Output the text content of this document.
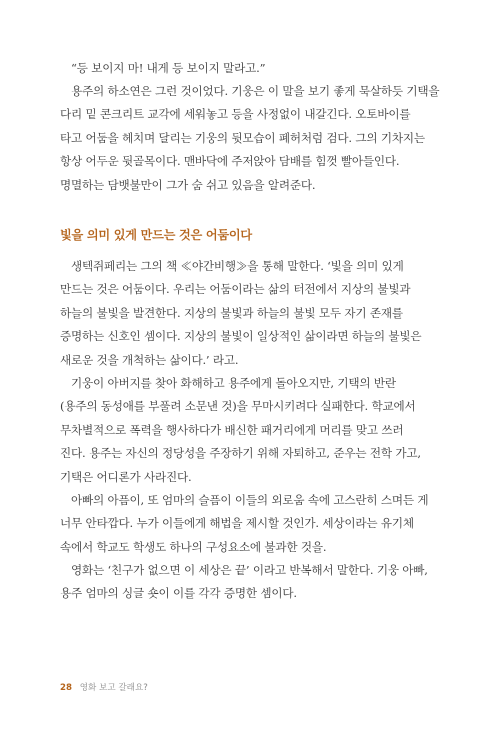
“등 보이지 마! 내게 등 보이지 말라고.”

용주의 하소연은 그런 것이었다. 기웅은 이 말을 보기 좋게 묵살하듯 기택을
다리 밑 콘크리트 교각에 세워놓고 등을 사정없이 내갈긴다. 오토바이를
타고 어둠을 헤치며 달리는 기웅의 뒷모습이 폐허처럼 검다. 그의 기차지는
항상 어두운 뒷골목이다. 맨바닥에 주저앉아 담배를 힘껏 빨아들인다.
명멸하는 담뱃불만이 그가 숨 쉬고 있음을 알려준다.

빛을 의미 있게 만드는 것은 어둠이다

생텍쥐페리는 그의 책 ≪야간비행≫을 통해 말한다. ‘빛을 의미 있게
만드는 것은 어둠이다. 우리는 어둠이라는 삶의 터전에서 지상의 불빛과
하늘의 불빛을 발견한다. 지상의 불빛과 하늘의 불빛 모두 자기 존재를
증명하는 신호인 셈이다. 지상의 불빛이 일상적인 삶이라면 하늘의 불빛은
새로운 것을 개척하는 삶이다.’ 라고.

기웅이 아버지를 찾아 화해하고 용주에게 돌아오지만, 기택의 반란
(용주의 동성애를 부풀려 소문낸 것)을 무마시키려다 실패한다. 학교에서
무차별적으로 폭력을 행사하다가 배신한 패거리에게 머리를 맞고 쓰러
진다. 용주는 자신의 정당성을 주장하기 위해 자퇴하고, 준우는 전학 가고,
기택은 어디론가 사라진다.

아빠의 아픔이, 또 엄마의 슬픔이 이들의 외로움 속에 고스란히 스며든 게
너무 안타깝다. 누가 이들에게 해법을 제시할 것인가. 세상이라는 유기체
속에서 학교도 학생도 하나의 구성요소에 불과한 것을.

영화는 ‘친구가 없으면 이 세상은 끝’ 이라고 반복해서 말한다. 기웅 아빠,
용주 엄마의 싱글 숏이 이를 각각 증명한 셈이다.

28 영화 보고 갈래요?
